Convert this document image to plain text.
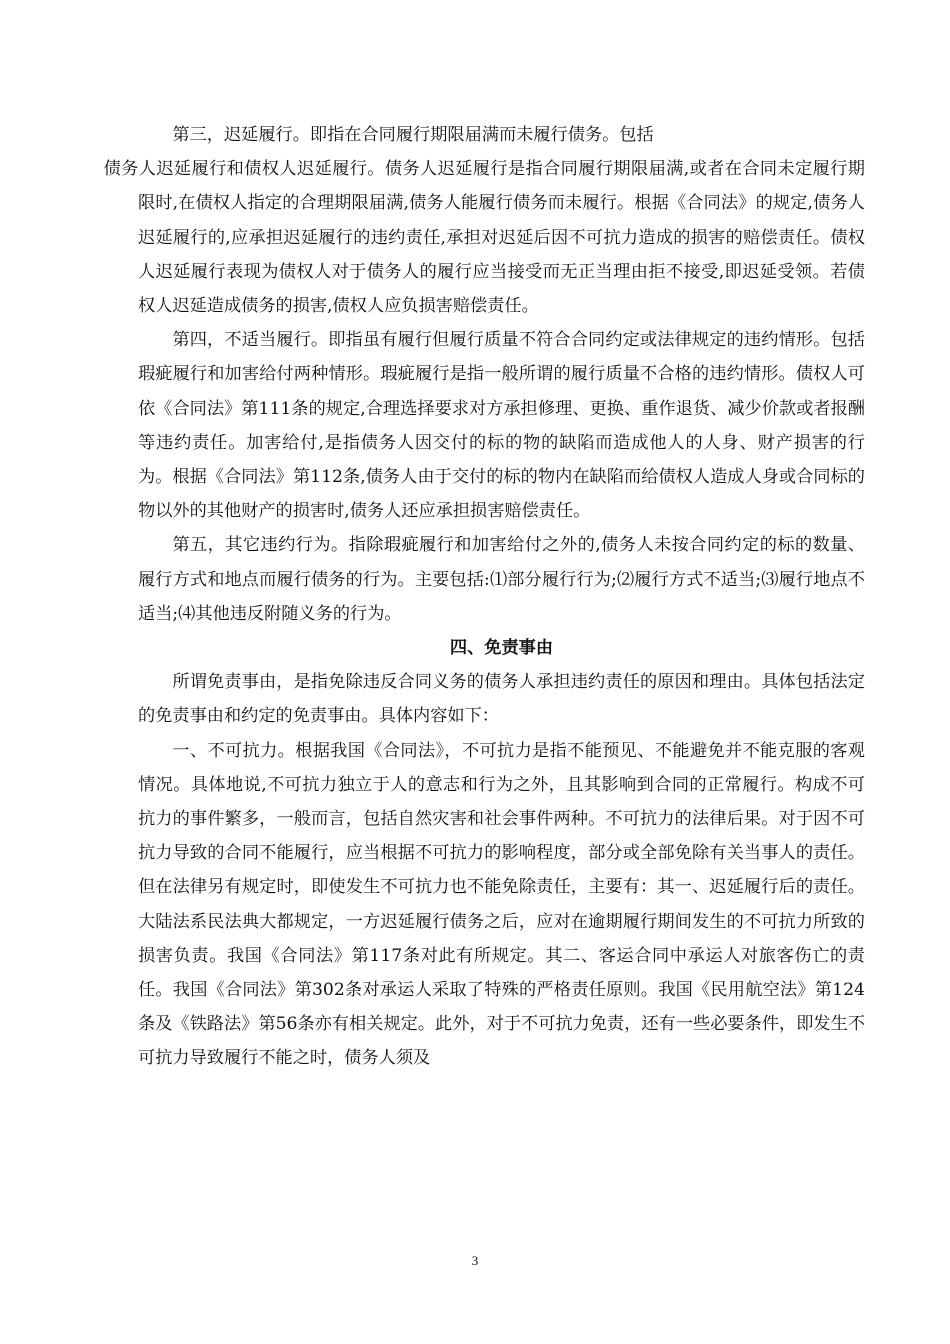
第三，迟延履行。即指在合同履行期限届满而未履行债务。包括
债务人迟延履行和债权人迟延履行。债务人迟延履行是指合同履行期限届满,或者在合同未定履行期限时,在债权人指定的合理期限届满,债务人能履行债务而未履行。根据《合同法》的规定,债务人迟延履行的,应承担迟延履行的违约责任,承担对迟延后因不可抗力造成的损害的赔偿责任。债权人迟延履行表现为债权人对于债务人的履行应当接受而无正当理由拒不接受,即迟延受领。若债权人迟延造成债务的损害,债权人应负损害赔偿责任。

第四，不适当履行。即指虽有履行但履行质量不符合合同约定或法律规定的违约情形。包括瑕疵履行和加害给付两种情形。瑕疵履行是指一般所谓的履行质量不合格的违约情形。债权人可依《合同法》第111条的规定,合理选择要求对方承担修理、更换、重作退货、减少价款或者报酬等违约责任。加害给付,是指债务人因交付的标的物的缺陷而造成他人的人身、财产损害的行为。根据《合同法》第112条,债务人由于交付的标的物内在缺陷而给债权人造成人身或合同标的物以外的其他财产的损害时,债务人还应承担损害赔偿责任。

第五，其它违约行为。指除瑕疵履行和加害给付之外的,债务人未按合同约定的标的数量、履行方式和地点而履行债务的行为。主要包括:⑴部分履行行为;⑵履行方式不适当;⑶履行地点不适当;⑷其他违反附随义务的行为。

四、免责事由

所谓免责事由，是指免除违反合同义务的债务人承担违约责任的原因和理由。具体包括法定的免责事由和约定的免责事由。具体内容如下：

一、不可抗力。根据我国《合同法》，不可抗力是指不能预见、不能避免并不能克服的客观情况。具体地说,不可抗力独立于人的意志和行为之外，且其影响到合同的正常履行。构成不可抗力的事件繁多，一般而言，包括自然灾害和社会事件两种。不可抗力的法律后果。对于因不可抗力导致的合同不能履行，应当根据不可抗力的影响程度，部分或全部免除有关当事人的责任。但在法律另有规定时，即使发生不可抗力也不能免除责任，主要有：其一、迟延履行后的责任。大陆法系民法典大都规定，一方迟延履行债务之后，应对在逾期履行期间发生的不可抗力所致的损害负责。我国《合同法》第117条对此有所规定。其二、客运合同中承运人对旅客伤亡的责任。我国《合同法》第302条对承运人采取了特殊的严格责任原则。我国《民用航空法》第124条及《铁路法》第56条亦有相关规定。此外，对于不可抗力免责，还有一些必要条件，即发生不可抗力导致履行不能之时，债务人须及

3
